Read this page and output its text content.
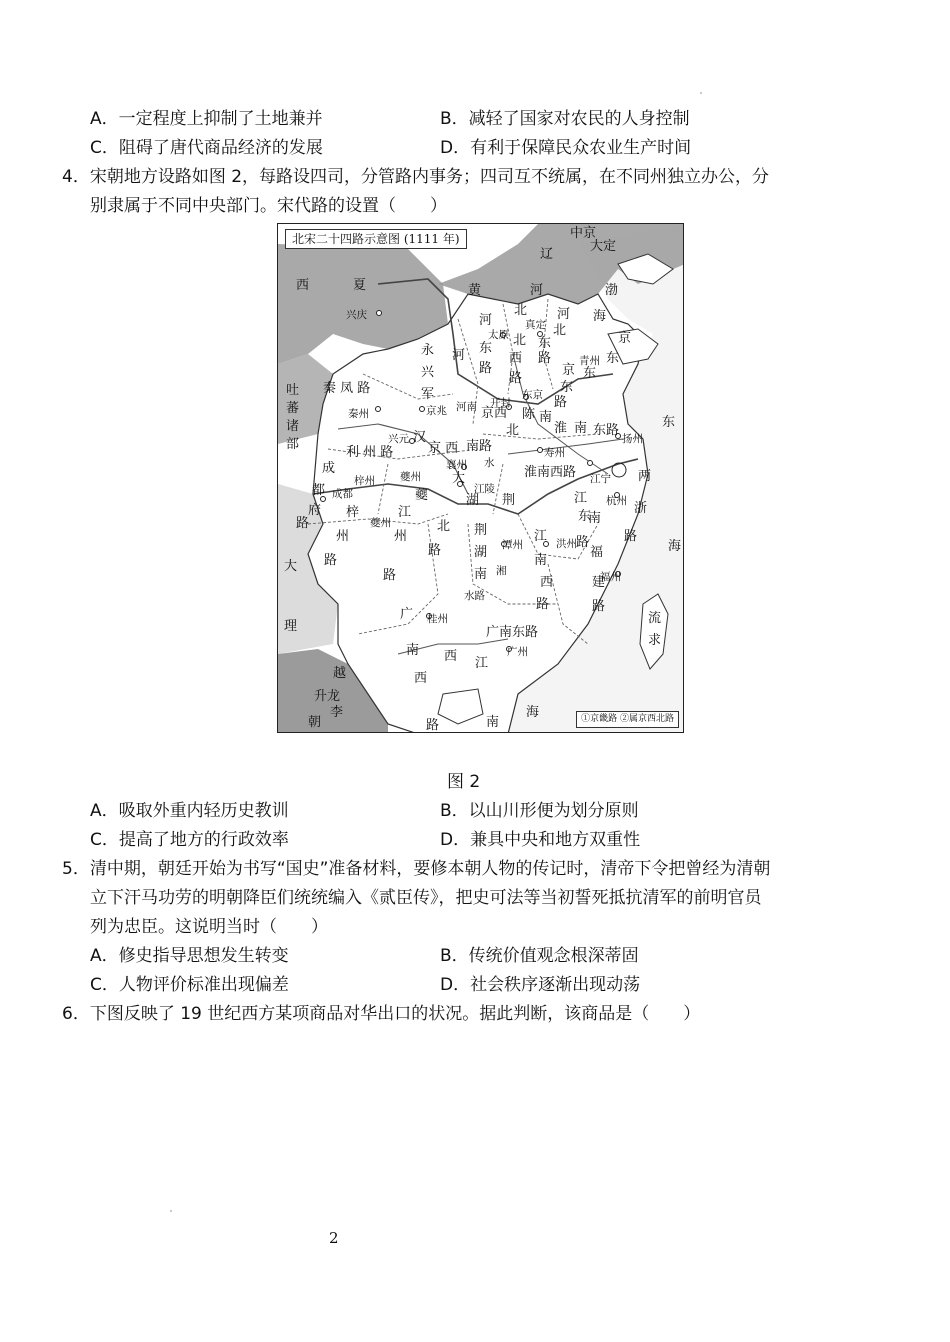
A．一定程度上抑制了土地兼并	B．减轻了国家对农民的人身控制
C．阻碍了唐代商品经济的发展	D．有利于保障民众农业生产时间
4．宋朝地方设路如图 2，每路设四司，分管路内事务；四司互不统属，在不同州独立办公，分
别隶属于不同中央部门。宋代路的设置（　　）
北宋二十四路示意图 (1111 年)	中京
大定
辽
西	夏	黄	河	渤
海
兴庆
吐
蕃
诸
部
永
兴
军
河
河
东
路
北
真定
太原 北
西
路
河
北
东
路
京
青州
京
东
东
东
路
秦 凤 路
秦州	京兆 河南 开封
东京
陈
京西
北
南
淮 南 东路
扬州
兴元 汉
利 州 路	京 西 南路
水
襄州
寿州
淮南西路 江宁
成
都
府
路
成都
梓州 夔州
夔	江陵
大
荆
梓
夔州
州	州
江
路
路
湖
北
路
江
南
东
路
杭州
两
浙
路
东
海
荆
湖
南
潭州	洪州
湘
江
南
西
路
福
建
路
福州
大
理
广 桂州
水路
南 西
西
江
路
广南东路
广州
南
海
流
求
越
升龙
李
朝	①京畿路 ②属京西北路
图 2
A．吸取外重内轻历史教训	B．以山川形便为划分原则
C．提高了地方的行政效率	D．兼具中央和地方双重性
5．清中期，朝廷开始为书写“国史”准备材料，要修本朝人物的传记时，清帝下令把曾经为清朝
立下汗马功劳的明朝降臣们统统编入《贰臣传》，把史可法等当初誓死抵抗清军的前明官员
列为忠臣。这说明当时（　　）
A．修史指导思想发生转变	B．传统价值观念根深蒂固
C．人物评价标准出现偏差	D．社会秩序逐渐出现动荡
6．下图反映了 19 世纪西方某项商品对华出口的状况。据此判断，该商品是（　　）
2
